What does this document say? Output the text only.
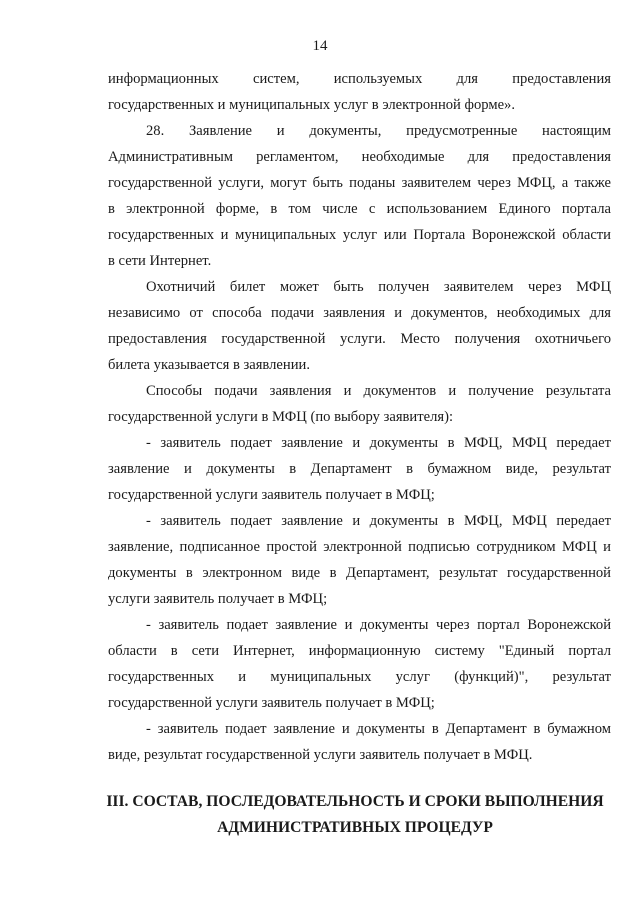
14
информационных систем, используемых для предоставления
государственных и муниципальных услуг в электронной форме».
28. Заявление и документы, предусмотренные настоящим
Административным регламентом, необходимые для предоставления
государственной услуги, могут быть поданы заявителем через МФЦ, а также
в электронной форме, в том числе с использованием Единого портала
государственных и муниципальных услуг или Портала Воронежской области
в сети Интернет.
Охотничий билет может быть получен заявителем через МФЦ
независимо от способа подачи заявления и документов, необходимых для
предоставления государственной услуги. Место получения охотничьего
билета указывается в заявлении.
Способы подачи заявления и документов и получение результата
государственной услуги в МФЦ (по выбору заявителя):
- заявитель подает заявление и документы в МФЦ, МФЦ передает
заявление и документы в Департамент в бумажном виде, результат
государственной услуги заявитель получает в МФЦ;
- заявитель подает заявление и документы в МФЦ, МФЦ передает
заявление, подписанное простой электронной подписью сотрудником МФЦ и
документы в электронном виде в Департамент, результат государственной
услуги заявитель получает в МФЦ;
- заявитель подает заявление и документы через портал Воронежской
области в сети Интернет, информационную систему "Единый портал
государственных и муниципальных услуг (функций)", результат
государственной услуги заявитель получает в МФЦ;
- заявитель подает заявление и документы в Департамент в бумажном
виде, результат государственной услуги заявитель получает в МФЦ.
III. СОСТАВ, ПОСЛЕДОВАТЕЛЬНОСТЬ И СРОКИ ВЫПОЛНЕНИЯ
АДМИНИСТРАТИВНЫХ ПРОЦЕДУР
